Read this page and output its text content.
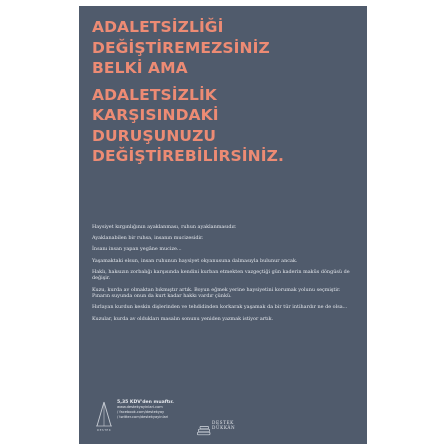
ADALETSİZLİĞİ
DEĞİŞTİREMEZSİNİZ
BELKİ AMA
ADALETSİZLİK
KARŞISINDAKİ
DURUŞUNUZU
DEĞİŞTİREBİLİRSİNİZ.

Haysiyet kırgınlığının ayaklanması, ruhun ayaklanmasıdır.

Ayaklanabilen bir ruhsa, insanın mucizesidir.

İnsanı insan yapan yegâne mucize...

Yaşamaktaki elsun, insan ruhunun haysiyet okyanusuna dalmasıyla bulunur ancak.

Haklı, haksızın zorbalığı karşısında kendini kurban etmekten vazgeçtiği gün kaderin makûs döngüsü de değişir.

Kuzu, kurda av olmaktan bıkmıştır artık. Boyun eğmek yerine haysiyetini korumak yolunu seçmiştir. Pınarın suyunda onun da kurt kadar hakkı vardır çünkü.

Hırlayan kurdun keskin dişlerinden ve tehdidinden korkarak yaşamak da bir tür intihardır ne de olsa...

Kuzular, kurda av oldukları masalın sonunu yeniden yazmak istiyor artık.

DESTEK
5,35 KDV'den muaftır.
www.destekyayinlari.com
/ facebook.com/destekyay
/ twitter.com/destekyayinlari
DESTEK
DÜKKÂN
